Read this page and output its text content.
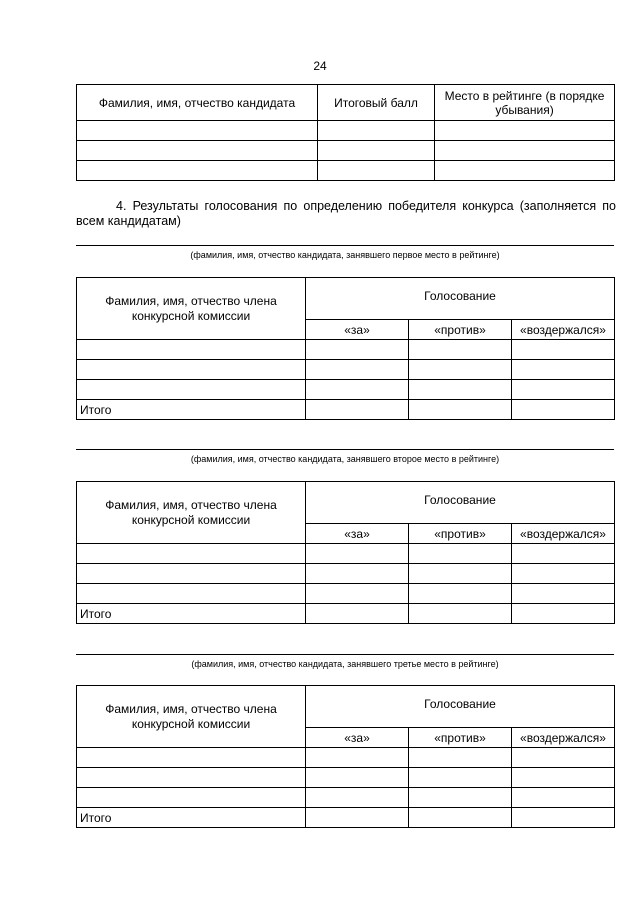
24
Фамилия, имя, отчество кандидата	Итоговый балл	Место в рейтинге (в порядке убывания)

4. Результаты голосования по определению победителя конкурса (заполняется по всем кандидатам)
(фамилия, имя, отчество кандидата, занявшего первое место в рейтинге)
Фамилия, имя, отчество члена конкурсной комиссии	Голосование		
	«за»	«против»	«воздержался»

Итого			
(фамилия, имя, отчество кандидата, занявшего второе место в рейтинге)
Фамилия, имя, отчество члена конкурсной комиссии	Голосование		
	«за»	«против»	«воздержался»

Итого			
(фамилия, имя, отчество кандидата, занявшего третье место в рейтинге)
Фамилия, имя, отчество члена конкурсной комиссии	Голосование		
	«за»	«против»	«воздержался»

Итого			
